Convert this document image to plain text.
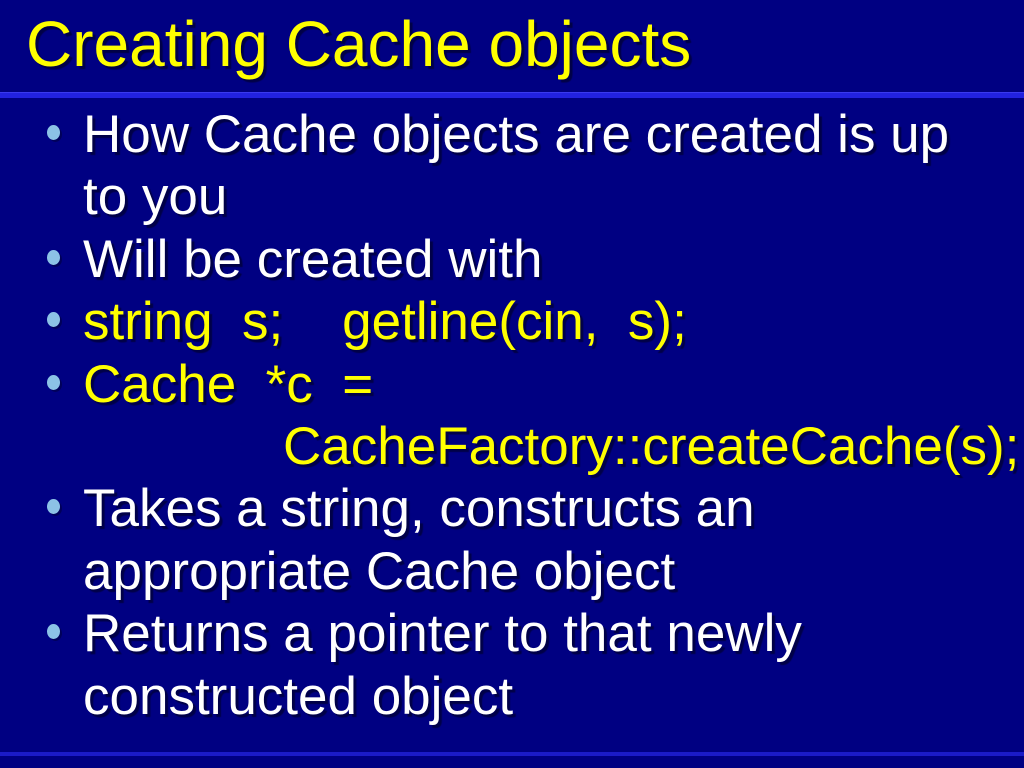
Creating Cache objects
How Cache objects are created is up
to you
Will be created with
string  s;    getline(cin,  s);
Cache  *c  =
CacheFactory::createCache(s);
Takes a string, constructs an
appropriate Cache object
Returns a pointer to that newly
constructed object
